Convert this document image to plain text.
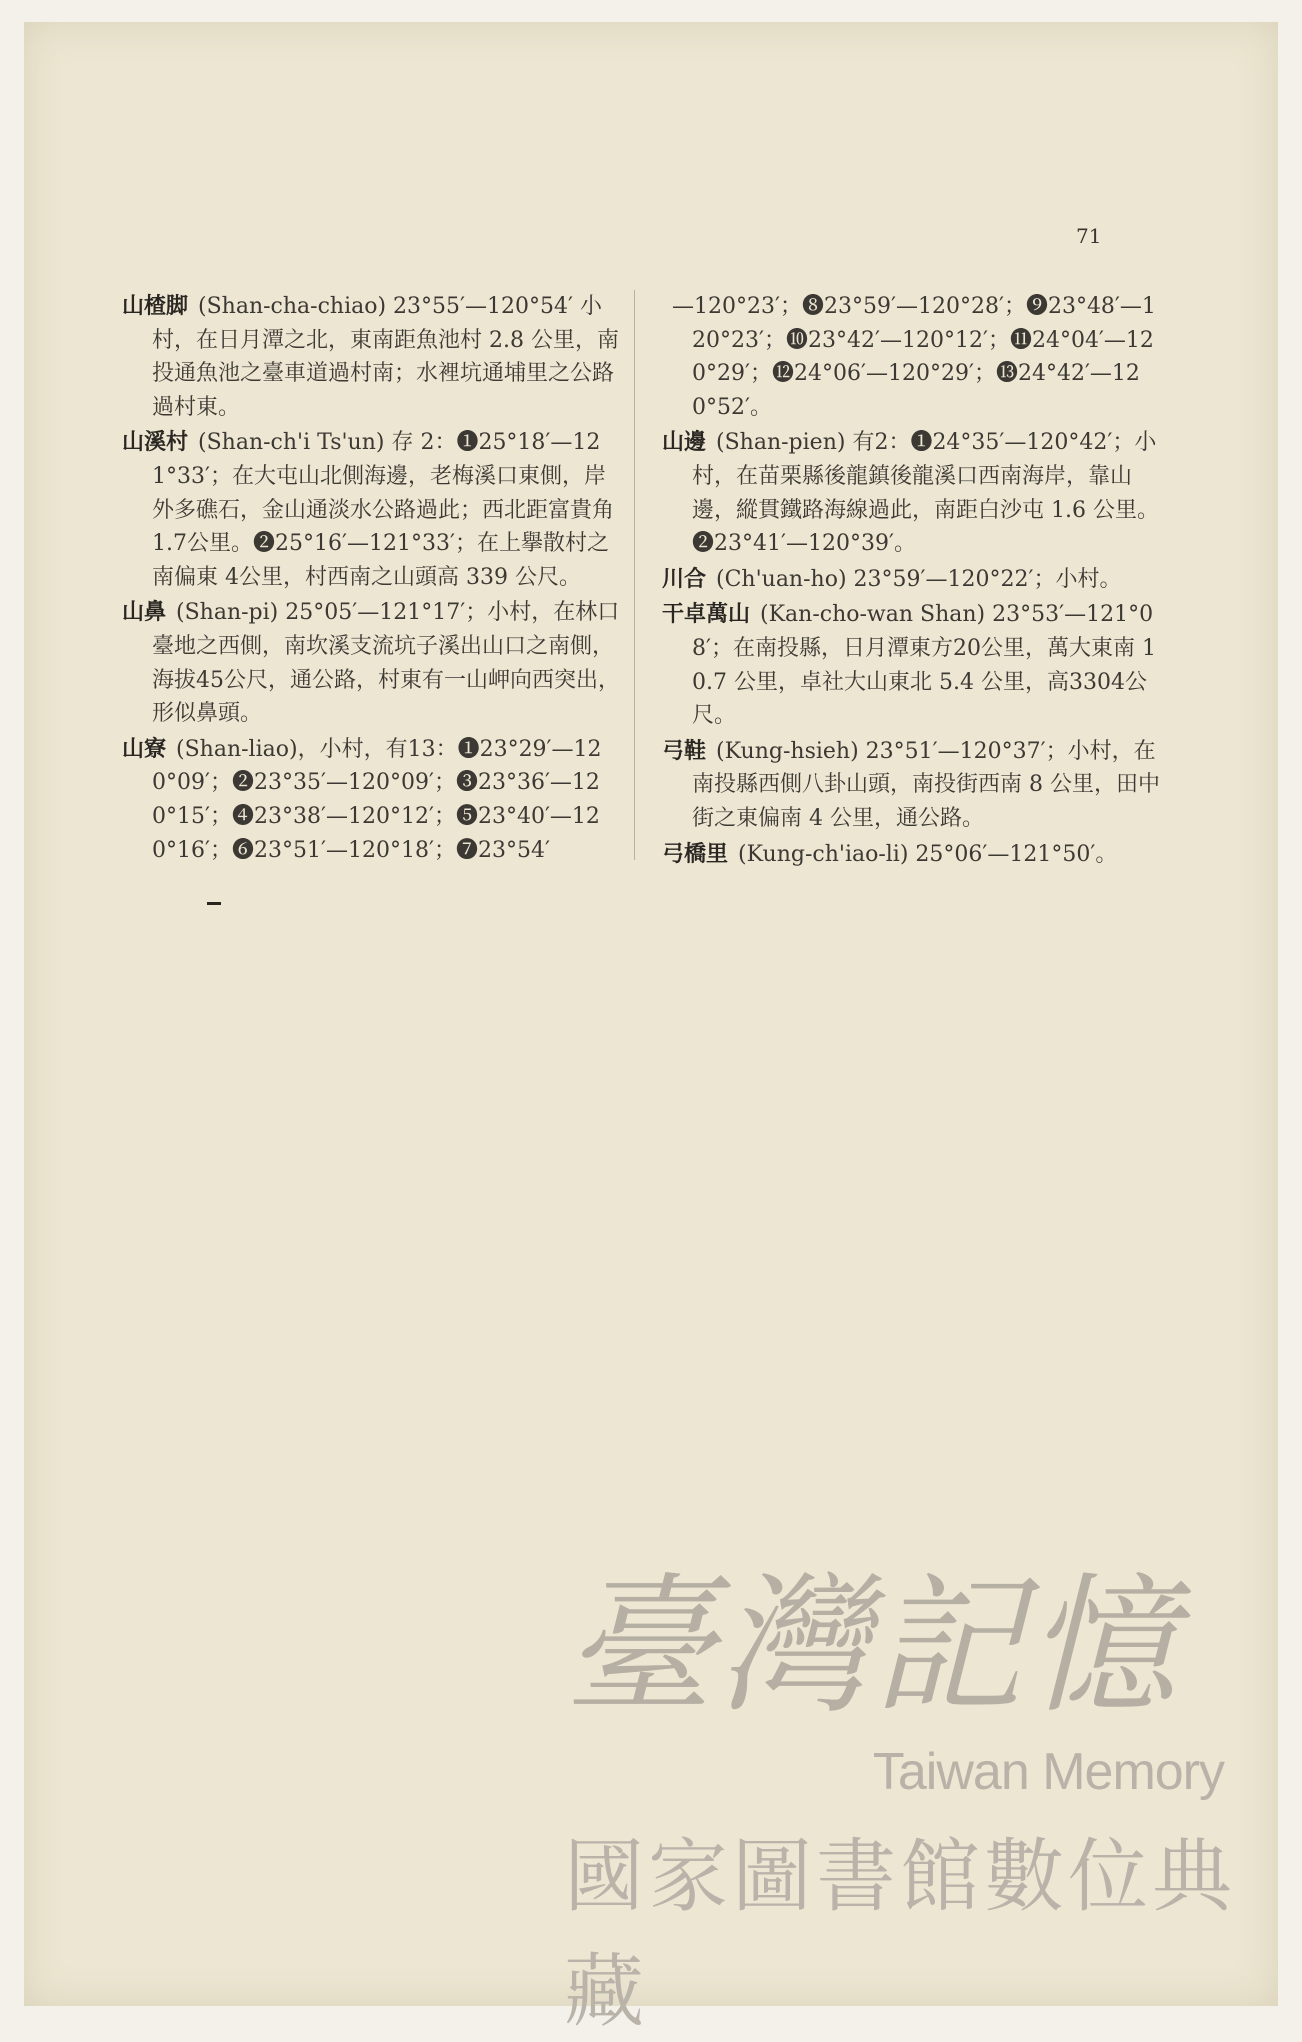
71

山楂脚 (Shan-cha-chiao) 23°55′—120°54′ 小村，在日月潭之北，東南距魚池村 2.8 公里，南投通魚池之臺車道過村南；水裡坑通埔里之公路過村東。

山溪村 (Shan-ch'i Ts'un) 存 2：❶25°18′—121°33′；在大屯山北側海邊，老梅溪口東側，岸外多礁石，金山通淡水公路過此；西北距富貴角 1.7公里。❷25°16′—121°33′；在上擧散村之南偏東 4公里，村西南之山頭高 339 公尺。

山鼻 (Shan-pi) 25°05′—121°17′；小村，在林口臺地之西側，南坎溪支流坑子溪出山口之南側，海拔45公尺，通公路，村東有一山岬向西突出，形似鼻頭。

山寮 (Shan-liao)，小村，有13：❶23°29′—120°09′；❷23°35′—120°09′；❸23°36′—120°15′；❹23°38′—120°12′；❺23°40′—120°16′；❻23°51′—120°18′；❼23°54′

—120°23′；❽23°59′—120°28′；❾23°48′—120°23′；❿23°42′—120°12′；⓫24°04′—120°29′；⓬24°06′—120°29′；⓭24°42′—120°52′。

山邊 (Shan-pien) 有2：❶24°35′—120°42′；小村，在苗栗縣後龍鎮後龍溪口西南海岸，靠山邊，縱貫鐵路海線過此，南距白沙屯 1.6 公里。❷23°41′—120°39′。

川合 (Ch'uan-ho) 23°59′—120°22′；小村。

干卓萬山 (Kan-cho-wan Shan) 23°53′—121°08′；在南投縣，日月潭東方20公里，萬大東南 10.7 公里，卓社大山東北 5.4 公里，高3304公尺。

弓鞋 (Kung-hsieh) 23°51′—120°37′；小村，在南投縣西側八卦山頭，南投街西南 8 公里，田中街之東偏南 4 公里，通公路。

弓橋里 (Kung-ch'iao-li) 25°06′—121°50′。

臺灣記憶
Taiwan Memory
國家圖書館數位典藏
